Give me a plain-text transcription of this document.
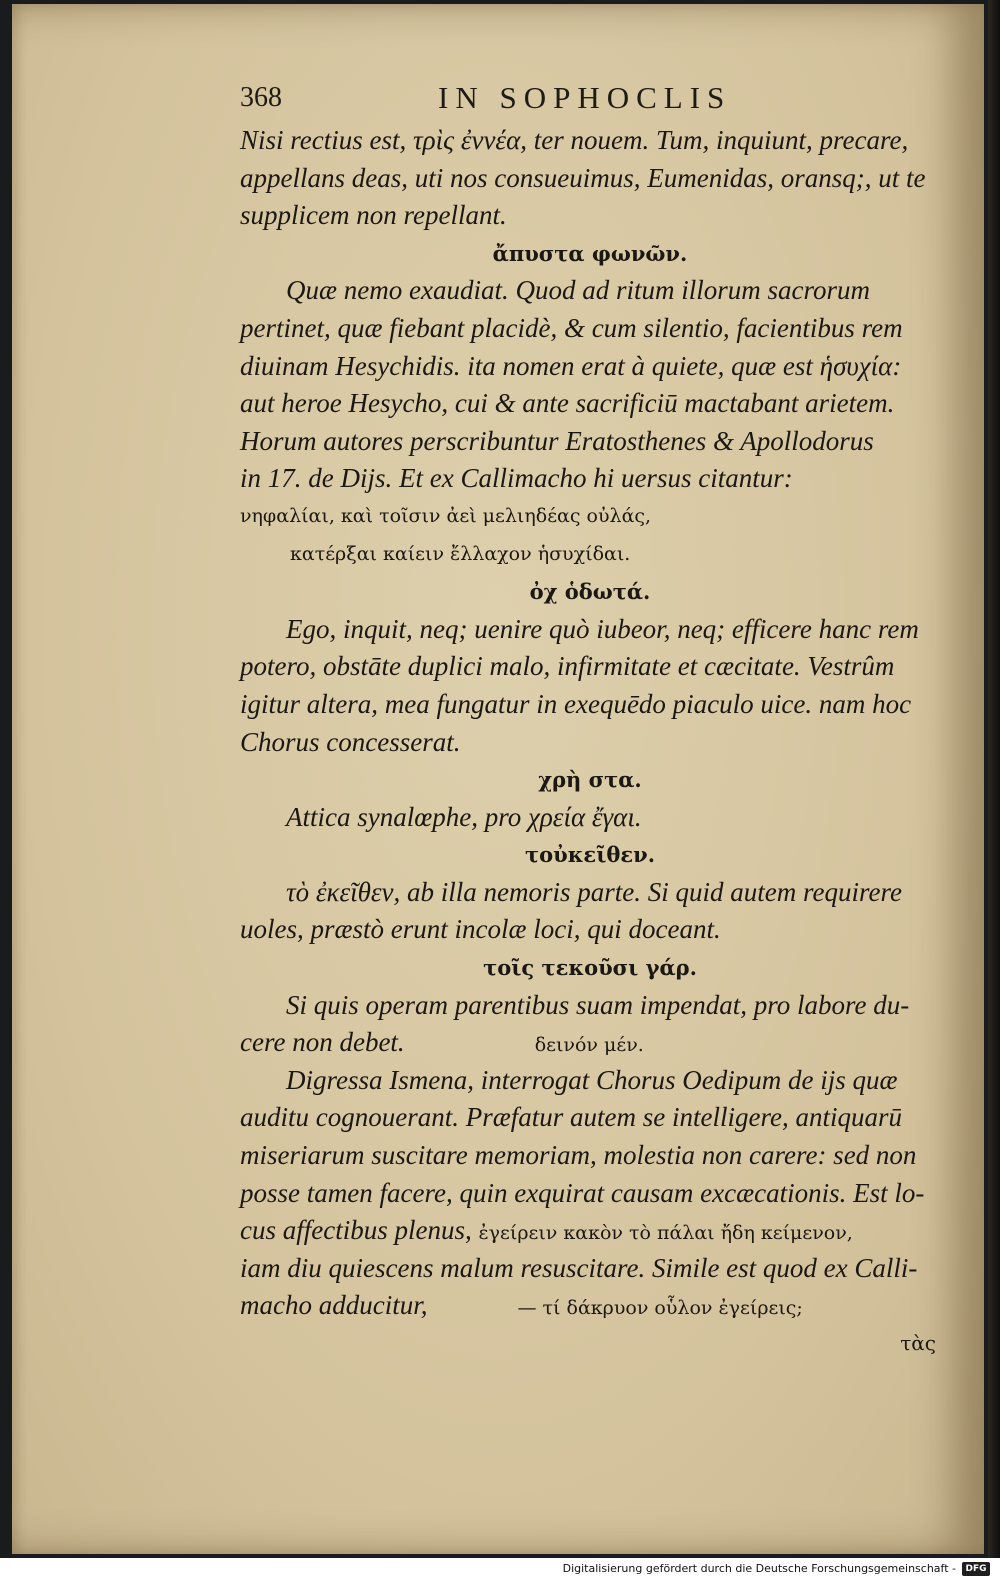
368	IN SOPHOCLIS
Nisi rectius est, τρὶς ἐννέα, ter nouem. Tum, inquiunt, precare,
appellans deas, uti nos consueuimus, Eumenidas, oransq;, ut te
supplicem non repellant.
ἄπυστα φωνῶν.
Quæ nemo exaudiat. Quod ad ritum illorum sacrorum
pertinet, quæ fiebant placidè, & cum silentio, facientibus rem
diuinam Hesychidis. ita nomen erat à quiete, quæ est ἡσυχία:
aut heroe Hesycho, cui & ante sacrificiū mactabant arietem.
Horum autores perscribuntur Eratosthenes & Apollodorus
in 17. de Dijs. Et ex Callimacho hi uersus citantur:
νηφαλίαι, καὶ τοῖσιν ἀεὶ μελιηδέας οὐλάς,
κατέρξαι καίειν ἔλλαχον ἡσυχίδαι.
ὀχ ὁδωτά.
Ego, inquit, neq; uenire quò iubeor, neq; efficere hanc rem
potero, obstāte duplici malo, infirmitate et cæcitate. Vestrûm
igitur altera, mea fungatur in exequēdo piaculo uice. nam hoc
Chorus concesserat.
χρὴ στα.
Attica synalœphe, pro χρεία ἔγαι.
τοὐκεῖθεν.
τὸ ἐκεῖθεν, ab illa nemoris parte. Si quid autem requirere
uoles, præstò erunt incolæ loci, qui doceant.
τοῖς τεκοῦσι γάρ.
Si quis operam parentibus suam impendat, pro labore du-
cere non debet.	δεινόν μέν.
Digressa Ismena, interrogat Chorus Oedipum de ijs quæ
auditu cognouerant. Præfatur autem se intelligere, antiquarū
miseriarum suscitare memoriam, molestia non carere: sed non
posse tamen facere, quin exquirat causam excæcationis. Est lo-
cus affectibus plenus, ἐγείρειν κακὸν τὸ πάλαι ἤδη κείμενον,
iam diu quiescens malum resuscitare. Simile est quod ex Calli-
macho adducitur,	— τί δάκρυον οὗλον ἐγείρεις;
τὰς
Digitalisierung gefördert durch die Deutsche Forschungsgemeinschaft -	DFG
